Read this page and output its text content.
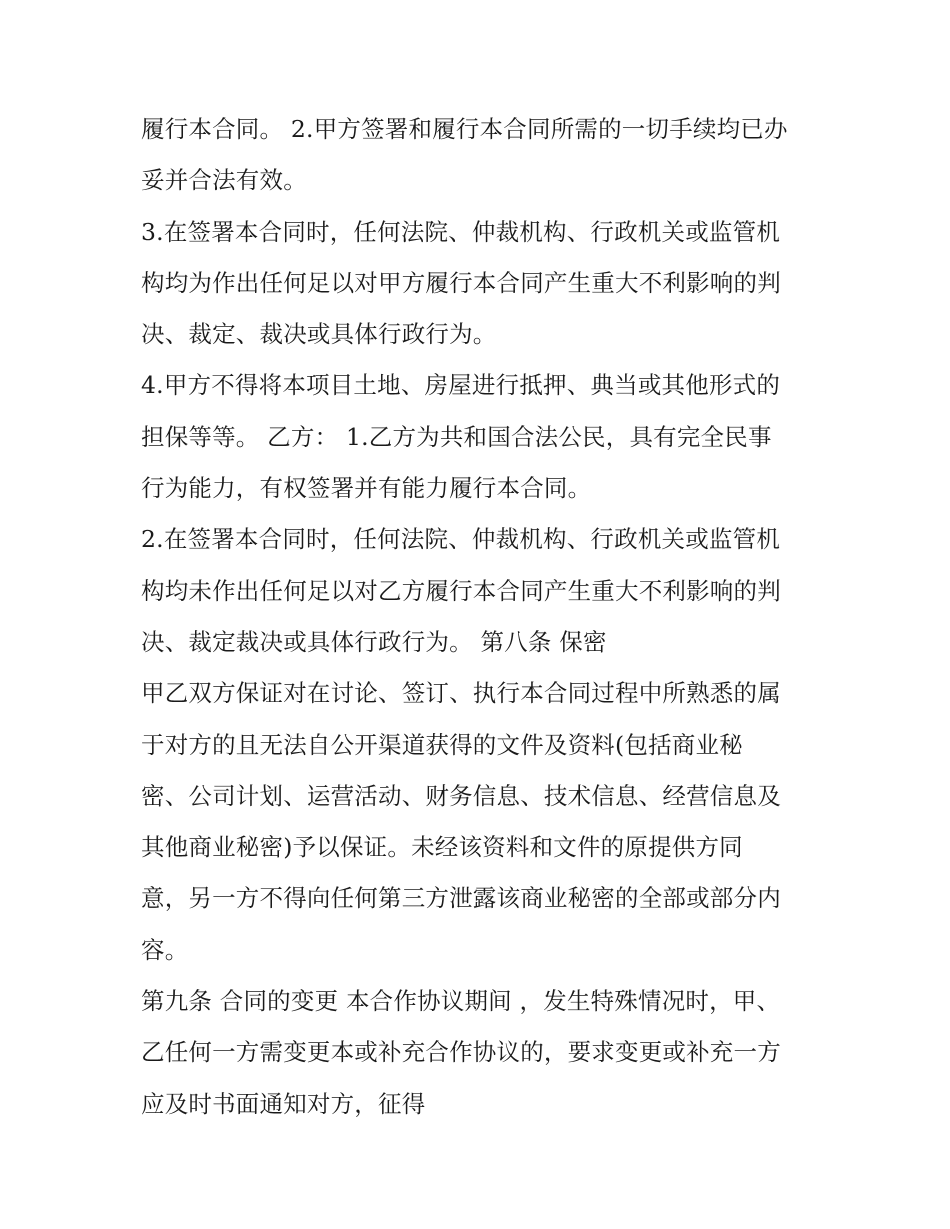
履行本合同。 2.甲方签署和履行本合同所需的一切手续均已办
妥并合法有效。
3.在签署本合同时，任何法院、仲裁机构、行政机关或监管机
构均为作出任何足以对甲方履行本合同产生重大不利影响的判
决、裁定、裁决或具体行政行为。
4.甲方不得将本项目土地、房屋进行抵押、典当或其他形式的
担保等等。 乙方： 1.乙方为共和国合法公民，具有完全民事
行为能力，有权签署并有能力履行本合同。
2.在签署本合同时，任何法院、仲裁机构、行政机关或监管机
构均未作出任何足以对乙方履行本合同产生重大不利影响的判
决、裁定裁决或具体行政行为。 第八条 保密
甲乙双方保证对在讨论、签订、执行本合同过程中所熟悉的属
于对方的且无法自公开渠道获得的文件及资料(包括商业秘
密、公司计划、运营活动、财务信息、技术信息、经营信息及
其他商业秘密)予以保证。未经该资料和文件的原提供方同
意，另一方不得向任何第三方泄露该商业秘密的全部或部分内
容。
第九条 合同的变更 本合作协议期间 ，发生特殊情况时，甲、
乙任何一方需变更本或补充合作协议的，要求变更或补充一方
应及时书面通知对方，征得
